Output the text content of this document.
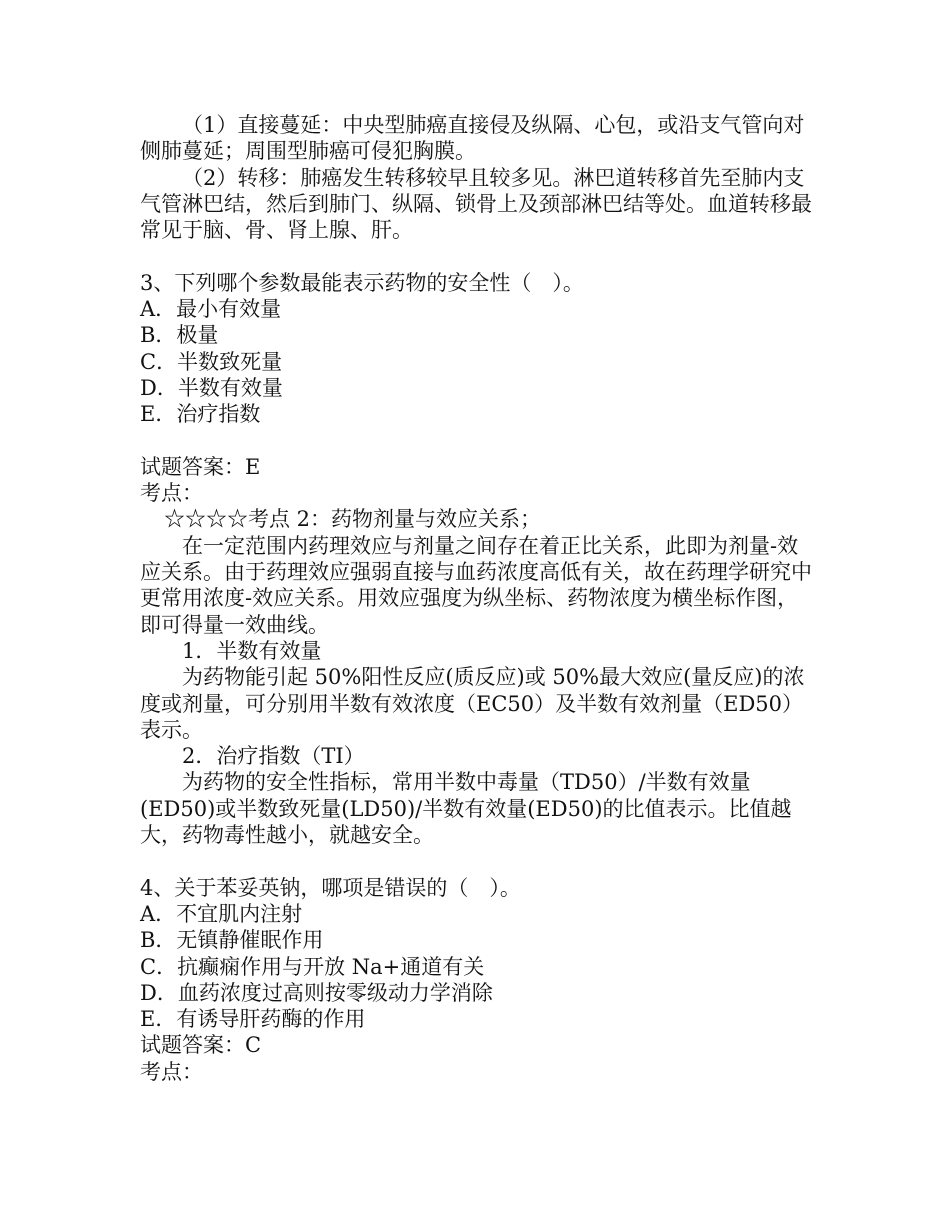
（1）直接蔓延：中央型肺癌直接侵及纵隔、心包，或沿支气管向对侧肺蔓延；周围型肺癌可侵犯胸膜。

（2）转移：肺癌发生转移较早且较多见。淋巴道转移首先至肺内支气管淋巴结，然后到肺门、纵隔、锁骨上及颈部淋巴结等处。血道转移最常见于脑、骨、肾上腺、肝。

3、下列哪个参数最能表示药物的安全性（　）。

A．最小有效量

B．极量

C．半数致死量

D．半数有效量

E．治疗指数

试题答案：E

考点：

☆☆☆☆考点 2：药物剂量与效应关系；

在一定范围内药理效应与剂量之间存在着正比关系，此即为剂量-效应关系。由于药理效应强弱直接与血药浓度高低有关，故在药理学研究中更常用浓度-效应关系。用效应强度为纵坐标、药物浓度为横坐标作图，即可得量一效曲线。

1．半数有效量

为药物能引起 50%阳性反应(质反应)或 50%最大效应(量反应)的浓度或剂量，可分别用半数有效浓度（EC50）及半数有效剂量（ED50）表示。

2．治疗指数（TI）

为药物的安全性指标，常用半数中毒量（TD50）/半数有效量(ED50)或半数致死量(LD50)/半数有效量(ED50)的比值表示。比值越大，药物毒性越小，就越安全。

4、关于苯妥英钠，哪项是错误的（　）。

A．不宜肌内注射

B．无镇静催眠作用

C．抗癫痫作用与开放 Na+通道有关

D．血药浓度过高则按零级动力学消除

E．有诱导肝药酶的作用

试题答案：C

考点：
